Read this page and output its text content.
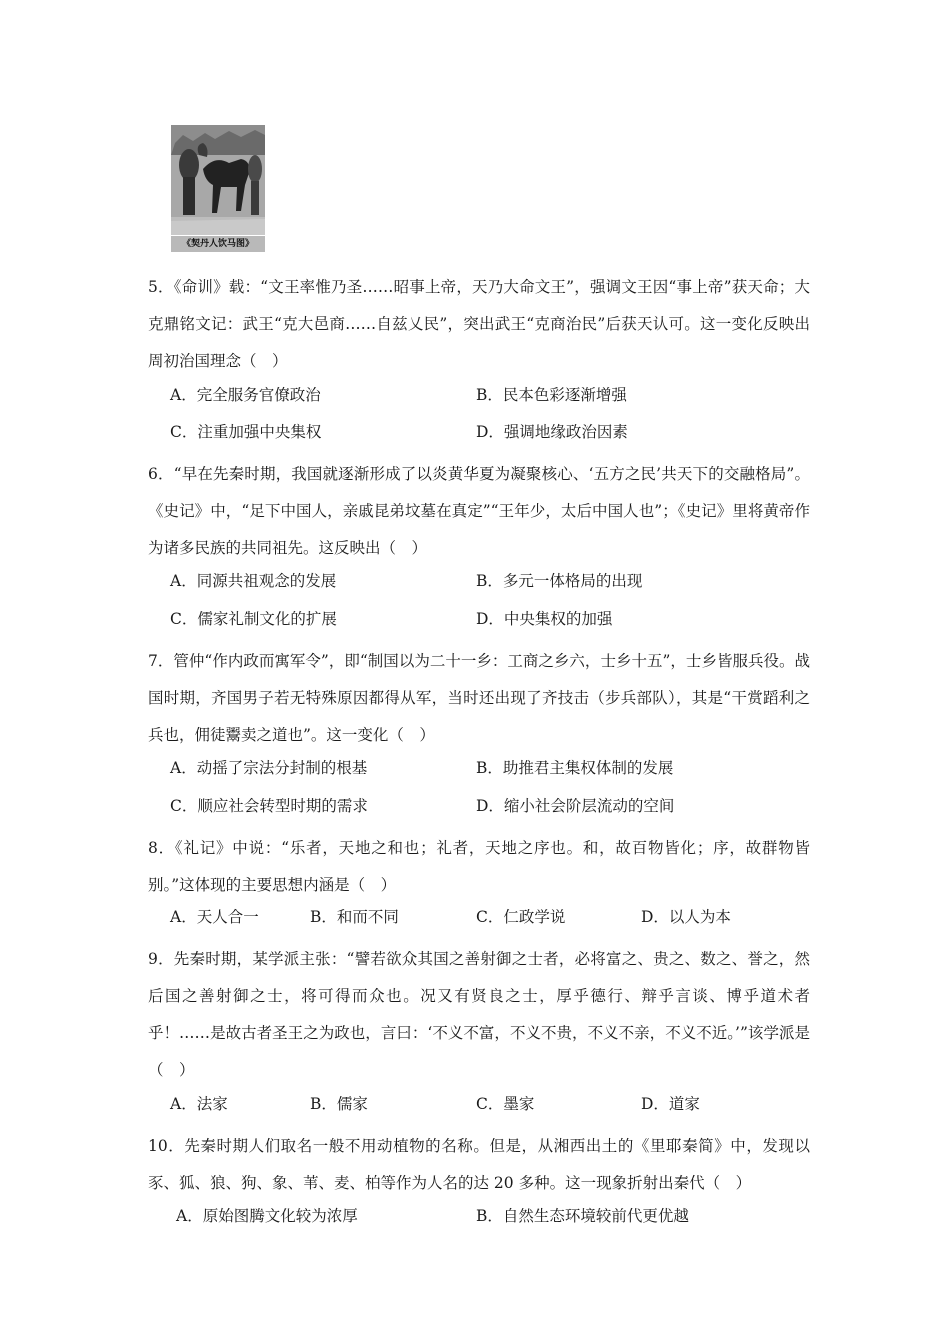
《契丹人饮马图》

5．《命训》载：“文王率惟乃圣……昭事上帝，天乃大命文王”，强调文王因“事上帝”获天命；大克鼎铭文记：武王“克大邑商……自兹乂民”，突出武王“克商治民”后获天认可。这一变化反映出周初治国理念（　）

A．完全服务官僚政治	B．民本色彩逐渐增强
C．注重加强中央集权	D．强调地缘政治因素

6．“早在先秦时期，我国就逐渐形成了以炎黄华夏为凝聚核心、‘五方之民’共天下的交融格局”。《史记》中，“足下中国人，亲戚昆弟坟墓在真定”“王年少，太后中国人也”；《史记》里将黄帝作为诸多民族的共同祖先。这反映出（　）

A．同源共祖观念的发展	B．多元一体格局的出现
C．儒家礼制文化的扩展	D．中央集权的加强

7．管仲“作内政而寓军令”，即“制国以为二十一乡：工商之乡六，士乡十五”，士乡皆服兵役。战国时期，齐国男子若无特殊原因都得从军，当时还出现了齐技击（步兵部队），其是“干赏蹈利之兵也，佣徒鬻卖之道也”。这一变化（　）

A．动摇了宗法分封制的根基	B．助推君主集权体制的发展
C．顺应社会转型时期的需求	D．缩小社会阶层流动的空间

8．《礼记》中说：“乐者，天地之和也；礼者，天地之序也。和，故百物皆化；序，故群物皆别。”这体现的主要思想内涵是（　）

A．天人合一	B．和而不同	C．仁政学说	D．以人为本

9．先秦时期，某学派主张：“譬若欲众其国之善射御之士者，必将富之、贵之、数之、誉之，然后国之善射御之士，将可得而众也。况又有贤良之士，厚乎德行、辩乎言谈、博乎道术者乎！……是故古者圣王之为政也，言曰：‘不义不富，不义不贵，不义不亲，不义不近。’”该学派是（　）

A．法家	B．儒家	C．墨家	D．道家

10．先秦时期人们取名一般不用动植物的名称。但是，从湘西出土的《里耶秦简》中，发现以豕、狐、狼、狗、象、苇、麦、柏等作为人名的达 20 多种。这一现象折射出秦代（　）

A．原始图腾文化较为浓厚	B．自然生态环境较前代更优越
